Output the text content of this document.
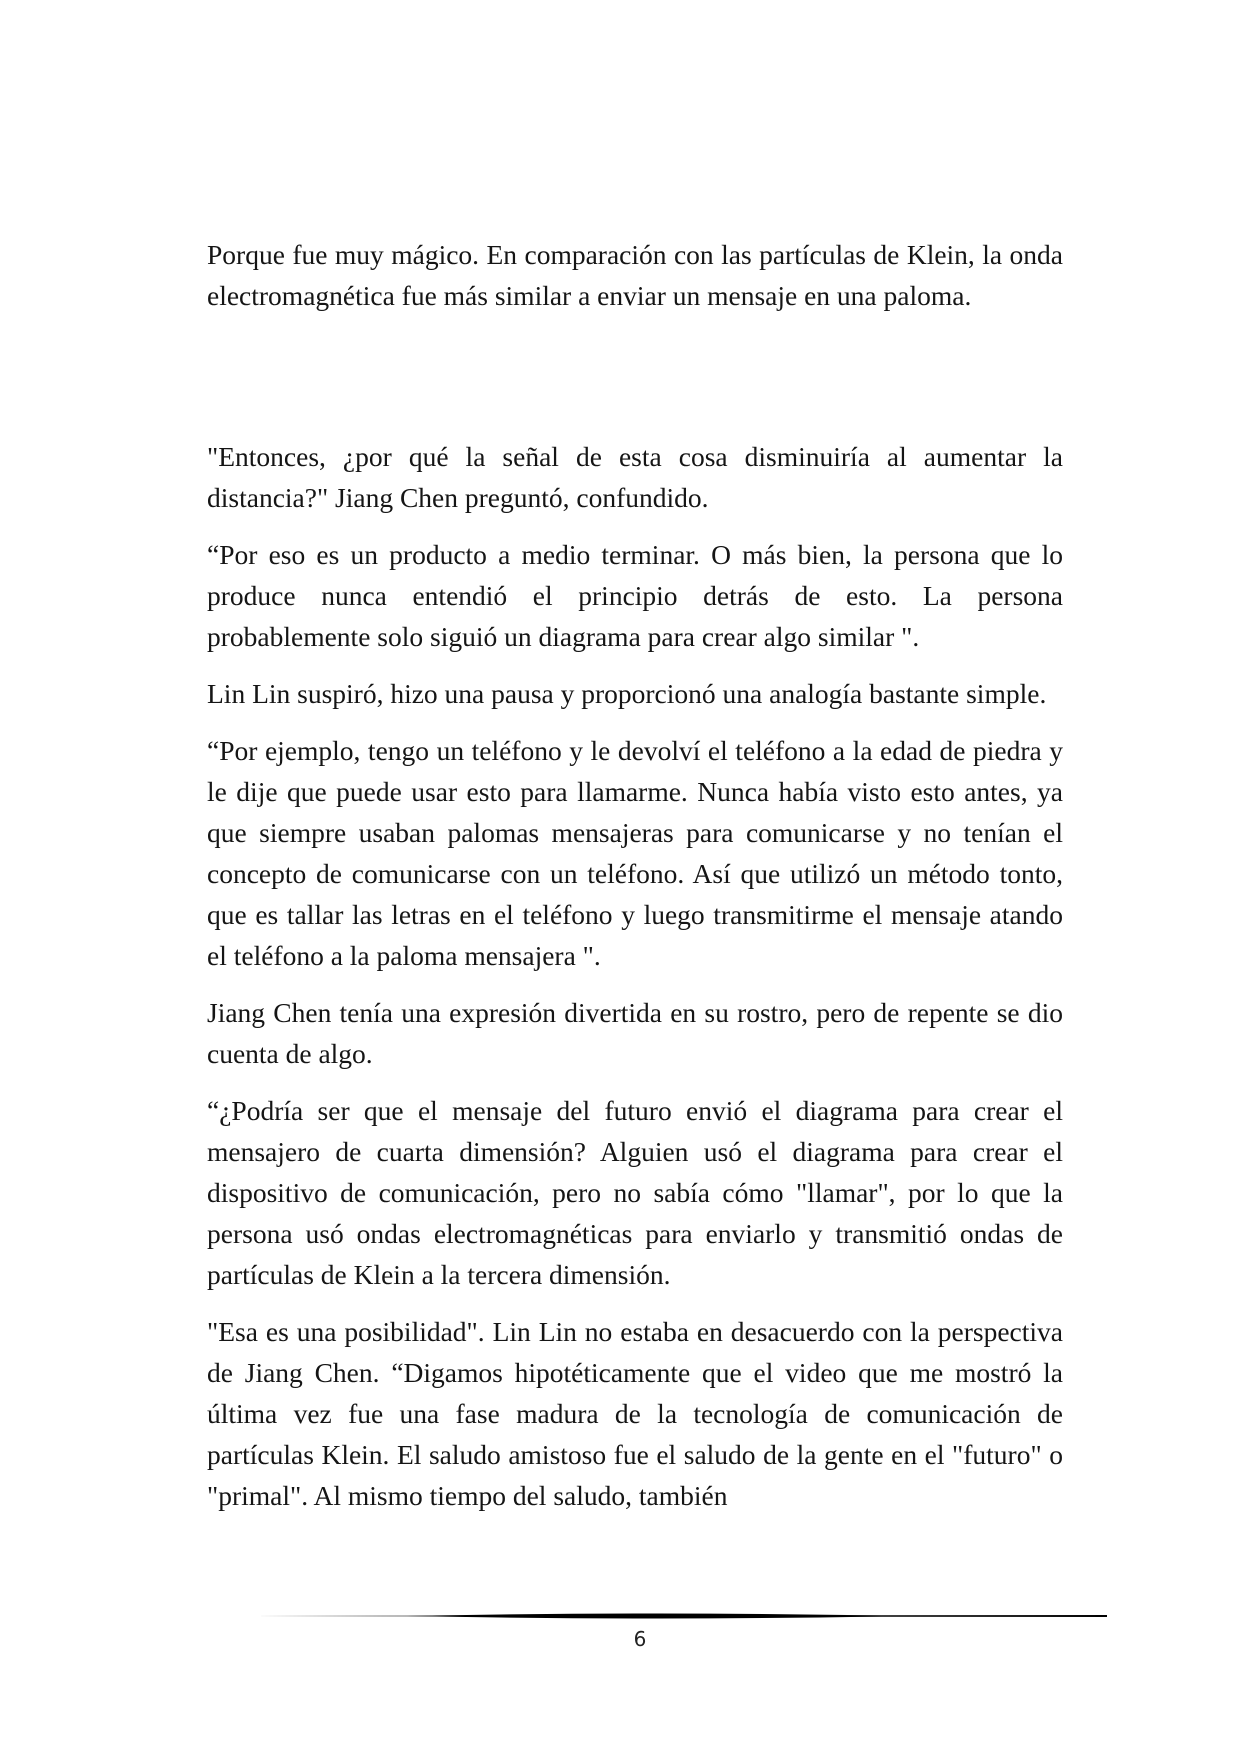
Porque fue muy mágico. En comparación con las partículas de Klein, la onda electromagnética fue más similar a enviar un mensaje en una paloma.

"Entonces, ¿por qué la señal de esta cosa disminuiría al aumentar la distancia?" Jiang Chen preguntó, confundido.

“Por eso es un producto a medio terminar. O más bien, la persona que lo produce nunca entendió el principio detrás de esto. La persona probablemente solo siguió un diagrama para crear algo similar ".

Lin Lin suspiró, hizo una pausa y proporcionó una analogía bastante simple.

“Por ejemplo, tengo un teléfono y le devolví el teléfono a la edad de piedra y le dije que puede usar esto para llamarme. Nunca había visto esto antes, ya que siempre usaban palomas mensajeras para comunicarse y no tenían el concepto de comunicarse con un teléfono. Así que utilizó un método tonto, que es tallar las letras en el teléfono y luego transmitirme el mensaje atando el teléfono a la paloma mensajera ".

Jiang Chen tenía una expresión divertida en su rostro, pero de repente se dio cuenta de algo.

“¿Podría ser que el mensaje del futuro envió el diagrama para crear el mensajero de cuarta dimensión? Alguien usó el diagrama para crear el dispositivo de comunicación, pero no sabía cómo "llamar", por lo que la persona usó ondas electromagnéticas para enviarlo y transmitió ondas de partículas de Klein a la tercera dimensión.

"Esa es una posibilidad". Lin Lin no estaba en desacuerdo con la perspectiva de Jiang Chen. “Digamos hipotéticamente que el video que me mostró la última vez fue una fase madura de la tecnología de comunicación de partículas Klein. El saludo amistoso fue el saludo de la gente en el "futuro" o "primal". Al mismo tiempo del saludo, también

6
